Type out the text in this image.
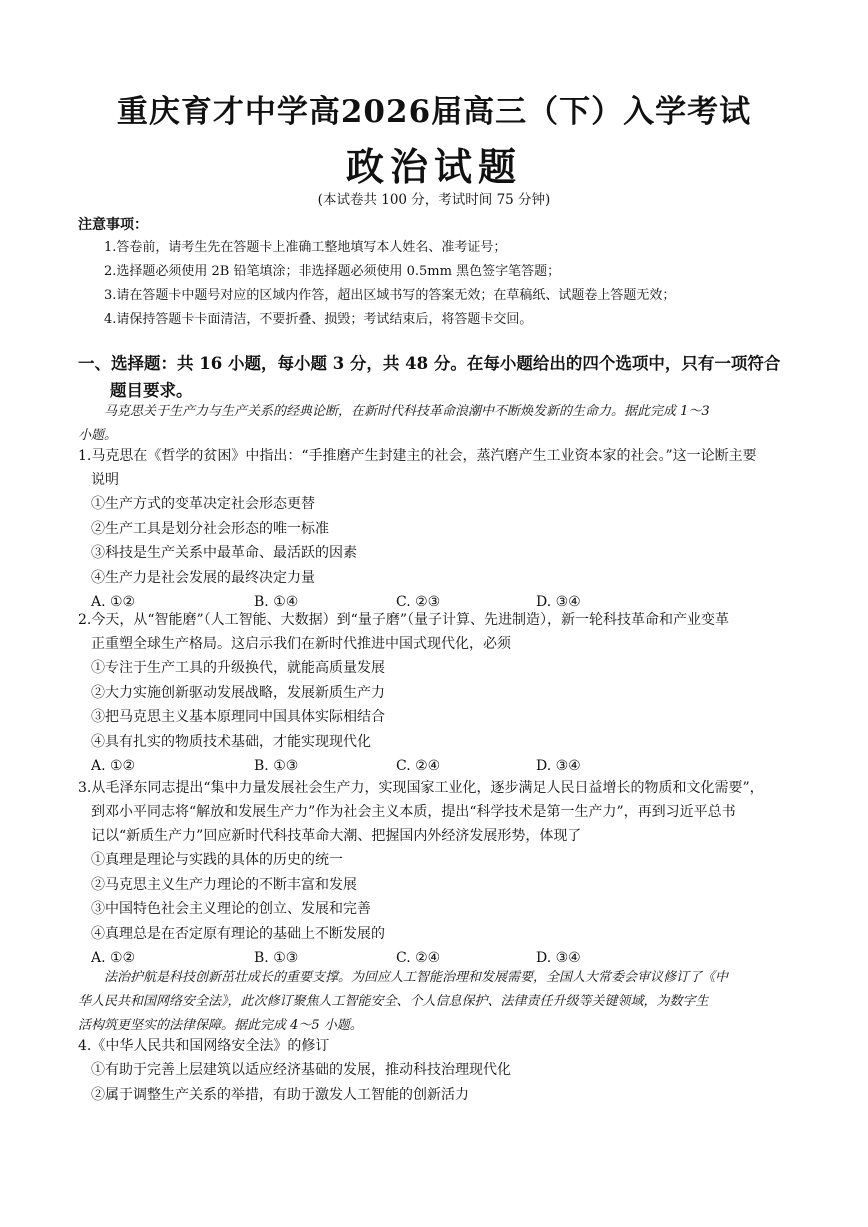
重庆育才中学高2026届高三（下）入学考试
政治试题
(本试卷共 100 分，考试时间 75 分钟)
注意事项：
1.答卷前，请考生先在答题卡上准确工整地填写本人姓名、准考证号；
2.选择题必须使用 2B 铅笔填涂；非选择题必须使用 0.5mm 黑色签字笔答题；
3.请在答题卡中题号对应的区域内作答，超出区域书写的答案无效；在草稿纸、试题卷上答题无效；
4.请保持答题卡卡面清洁，不要折叠、损毁；考试结束后，将答题卡交回。
一、选择题：共 16 小题，每小题 3 分，共 48 分。在每小题给出的四个选项中，只有一项符合
题目要求。
马克思关于生产力与生产关系的经典论断，在新时代科技革命浪潮中不断焕发新的生命力。据此完成 1～3
小题。
1.马克思在《哲学的贫困》中指出：“手推磨产生封建主的社会，蒸汽磨产生工业资本家的社会。”这一论断主要
说明
①生产方式的变革决定社会形态更替
②生产工具是划分社会形态的唯一标准
③科技是生产关系中最革命、最活跃的因素
④生产力是社会发展的最终决定力量
A. ①②	B. ①④	C. ②③	D. ③④
2.今天，从“智能磨”（人工智能、大数据）到“量子磨”（量子计算、先进制造），新一轮科技革命和产业变革
正重塑全球生产格局。这启示我们在新时代推进中国式现代化，必须
①专注于生产工具的升级换代，就能高质量发展
②大力实施创新驱动发展战略，发展新质生产力
③把马克思主义基本原理同中国具体实际相结合
④具有扎实的物质技术基础，才能实现现代化
A. ①②	B. ①③	C. ②④	D. ③④
3.从毛泽东同志提出“集中力量发展社会生产力，实现国家工业化，逐步满足人民日益增长的物质和文化需要”，
到邓小平同志将“解放和发展生产力”作为社会主义本质，提出“科学技术是第一生产力”，再到习近平总书
记以“新质生产力”回应新时代科技革命大潮、把握国内外经济发展形势，体现了
①真理是理论与实践的具体的历史的统一
②马克思主义生产力理论的不断丰富和发展
③中国特色社会主义理论的创立、发展和完善
④真理总是在否定原有理论的基础上不断发展的
A. ①②	B. ①③	C. ②④	D. ③④
法治护航是科技创新茁壮成长的重要支撑。为回应人工智能治理和发展需要，全国人大常委会审议修订了《中
华人民共和国网络安全法》，此次修订聚焦人工智能安全、个人信息保护、法律责任升级等关键领域，为数字生
活构筑更坚实的法律保障。据此完成 4～5 小题。
4.《中华人民共和国网络安全法》的修订
①有助于完善上层建筑以适应经济基础的发展，推动科技治理现代化
②属于调整生产关系的举措，有助于激发人工智能的创新活力
